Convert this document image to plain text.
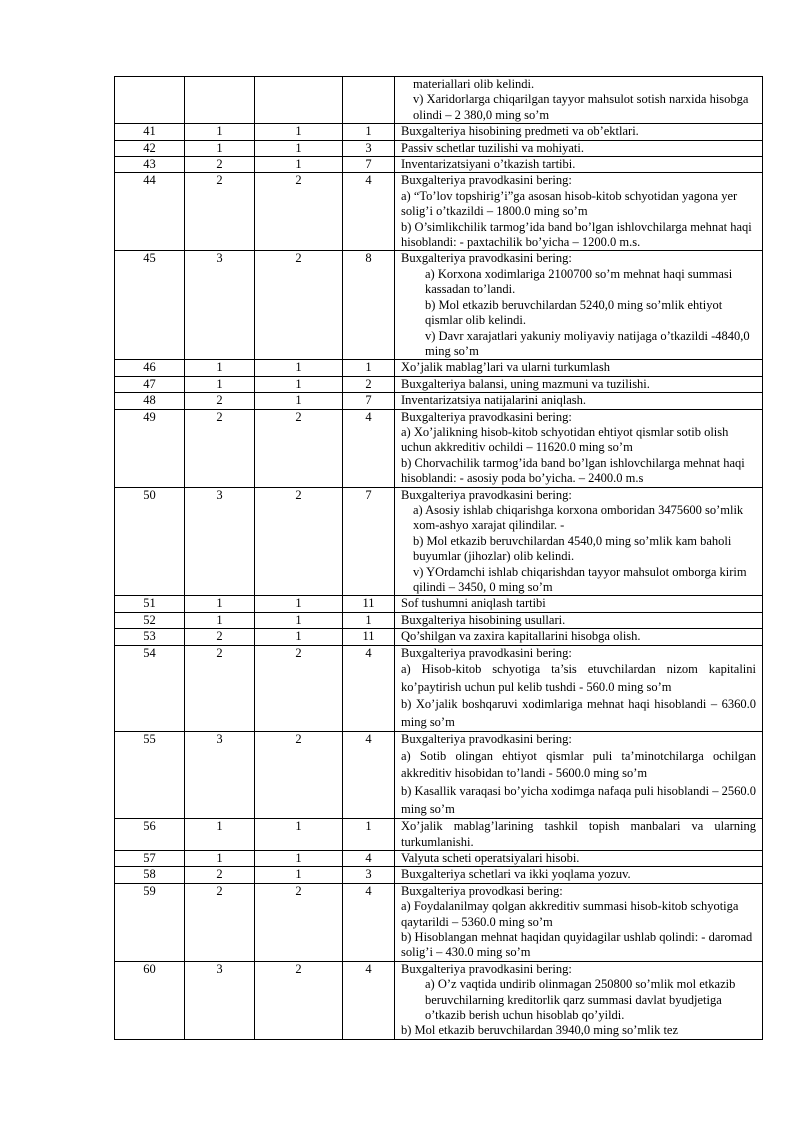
				materiallari olib kelindi.
v) Xaridorlarga chiqarilgan tayyor mahsulot sotish narxida hisobga olindi – 2 380,0 ming so’m

41	1	1	1	Buxgalteriya hisobining predmeti va ob’ektlari.

42	1	1	3	Passiv schetlar tuzilishi va mohiyati.

43	2	1	7	Inventarizatsiyani o’tkazish tartibi.

44	2	2	4	Buxgalteriya pravodkasini bering:
a) “To’lov topshirig’i”ga asosan hisob-kitob schyotidan yagona yer solig’i o’tkazildi – 1800.0 ming so’m
b) O’simlikchilik tarmog’ida band bo’lgan ishlovchilarga mehnat haqi hisoblandi: - paxtachilik bo’yicha – 1200.0 m.s.

45	3	2	8	Buxgalteriya pravodkasini bering:
a) Korxona xodimlariga 2100700 so’m mehnat haqi summasi kassadan to’landi.
b) Mol etkazib beruvchilardan 5240,0 ming so’mlik ehtiyot qismlar olib kelindi.
v) Davr xarajatlari yakuniy moliyaviy natijaga o’tkazildi -4840,0 ming so’m

46	1	1	1	Xo’jalik mablag’lari va ularni turkumlash

47	1	1	2	Buxgalteriya balansi, uning mazmuni va tuzilishi.

48	2	1	7	Inventarizatsiya natijalarini aniqlash.

49	2	2	4	Buxgalteriya pravodkasini bering:
a) Xo’jalikning hisob-kitob schyotidan ehtiyot qismlar sotib olish uchun akkreditiv ochildi – 11620.0 ming so’m
b) Chorvachilik tarmog’ida band bo’lgan ishlovchilarga mehnat haqi hisoblandi: - asosiy poda bo’yicha. – 2400.0 m.s

50	3	2	7	Buxgalteriya pravodkasini bering:
a) Asosiy ishlab chiqarishga korxona omboridan 3475600 so’mlik xom-ashyo xarajat qilindilar. -
b) Mol etkazib beruvchilardan 4540,0 ming so’mlik kam baholi buyumlar (jihozlar) olib kelindi.
v) YOrdamchi ishlab chiqarishdan tayyor mahsulot omborga kirim qilindi – 3450, 0 ming so’m

51	1	1	11	Sof tushumni aniqlash tartibi

52	1	1	1	Buxgalteriya hisobining usullari.

53	2	1	11	Qo’shilgan va zaxira kapitallarini hisobga olish.

54	2	2	4	Buxgalteriya pravodkasini bering:
a) Hisob-kitob schyotiga ta’sis etuvchilardan nizom kapitalini ko’paytirish uchun pul kelib tushdi - 560.0 ming so’m
b) Xo’jalik boshqaruvi xodimlariga mehnat haqi hisoblandi – 6360.0 ming so’m

55	3	2	4	Buxgalteriya pravodkasini bering:
a) Sotib olingan ehtiyot qismlar puli ta’minotchilarga ochilgan akkreditiv hisobidan to’landi - 5600.0 ming so’m
b) Kasallik varaqasi bo’yicha xodimga nafaqa puli hisoblandi – 2560.0 ming so’m

56	1	1	1	Xo’jalik mablag’larining tashkil topish manbalari va ularning turkumlanishi.

57	1	1	4	Valyuta scheti operatsiyalari hisobi.

58	2	1	3	Buxgalteriya schetlari va ikki yoqlama yozuv.

59	2	2	4	Buxgalteriya provodkasi bering:
a) Foydalanilmay qolgan akkreditiv summasi hisob-kitob schyotiga qaytarildi – 5360.0 ming so’m
b) Hisoblangan mehnat haqidan quyidagilar ushlab qolindi: - daromad solig’i – 430.0 ming so’m

60	3	2	4	Buxgalteriya pravodkasini bering:
a) O’z vaqtida undirib olinmagan 250800 so’mlik mol etkazib beruvchilarning kreditorlik qarz summasi davlat byudjetiga o’tkazib berish uchun hisoblab qo’yildi.
b) Mol etkazib beruvchilardan 3940,0 ming so’mlik tez
